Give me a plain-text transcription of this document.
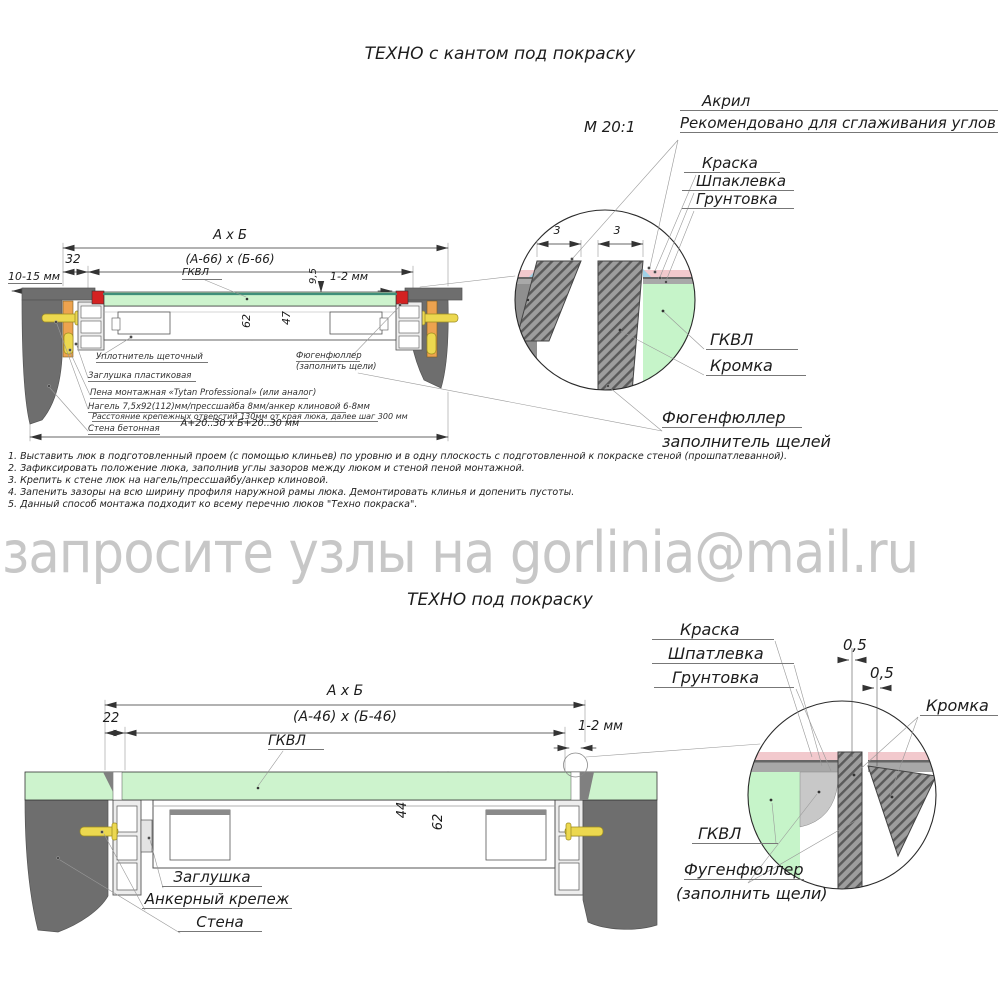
ТЕХНО с кантом под покраску
ТЕХНО под покраску
запросите узлы на gorlinia@mail.ru
М 20:1
Акрил
Рекомендовано для сглаживания углов
Краска
Шпаклевка
Грунтовка
ГКВЛ
Кромка
Фюгенфюллер
заполнитель щелей
3	3
А х Б
(А-66) х (Б-66)
32
10-15 мм	ГКВЛ	9,5 1-2 мм
62 47
Фюгенфюллер
(заполнить щели)
Уплотнитель щеточный
Заглушка пластиковая
Пена монтажная «Tytan Professional» (или аналог)
Нагель 7,5х92(112)мм/прессшайба 8мм/анкер клиновой 6-8мм
Расстояние крепежных отверстий 130мм от края люка, далее шаг 300 мм
Стена бетонная	А+20..30 х Б+20..30 мм
1. Выставить люк в подготовленный проем (с помощью клиньев) по уровню и в одну плоскость с подготовленной к покраске стеной (прошпатлеванной).
2. Зафиксировать положение люка, заполнив углы зазоров между люком и стеной пеной монтажной.
3. Крепить к стене люк на нагель/прессшайбу/анкер клиновой.
4. Запенить зазоры на всю ширину профиля наружной рамы люка. Демонтировать клинья и допенить пустоты.
5. Данный способ монтажа подходит ко всему перечню люков "Техно покраска".
Краска
Шпатлевка
Грунтовка
0,5
0,5
Кромка
ГКВЛ
Фугенфюллер
(заполнить щели)
А х Б
(А-46) х (Б-46)
22
ГКВЛ
1-2 мм
44
62
Заглушка
Анкерный крепеж
Стена
